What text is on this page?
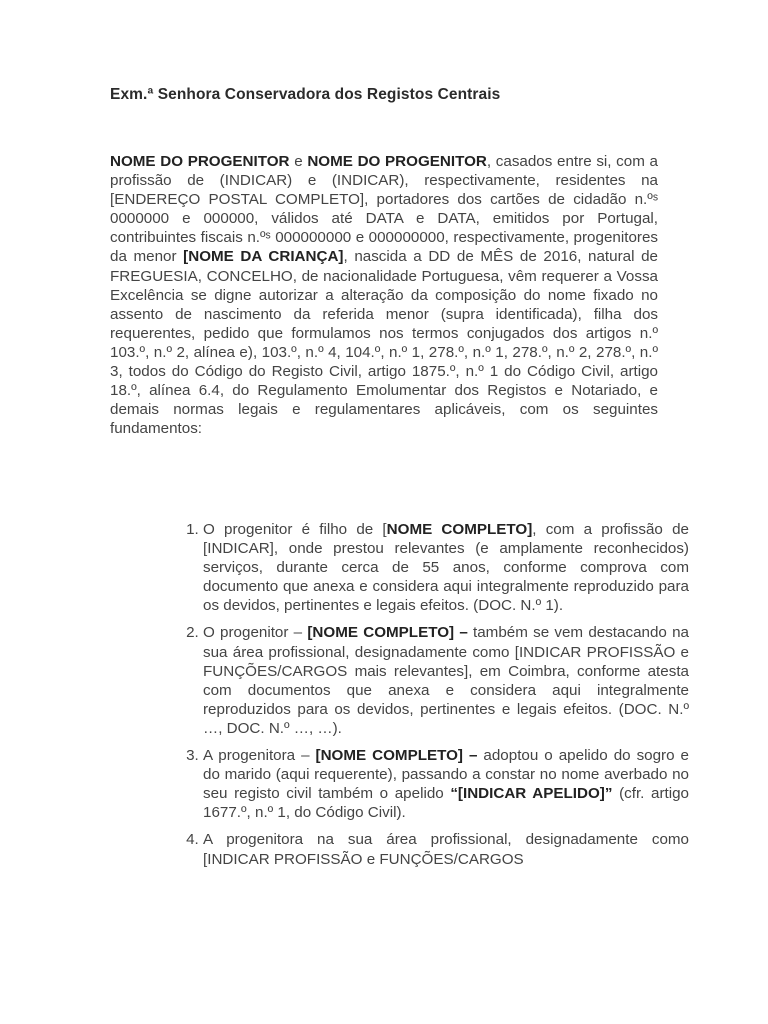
Exm.ª Senhora Conservadora dos Registos Centrais

NOME DO PROGENITOR e NOME DO PROGENITOR, casados entre si, com a profissão de (INDICAR) e (INDICAR), respectivamente, residentes na [ENDEREÇO POSTAL COMPLETO], portadores dos cartões de cidadão n.ºˢ 0000000 e 000000, válidos até DATA e DATA, emitidos por Portugal, contribuintes fiscais n.ºˢ 000000000 e 000000000, respectivamente, progenitores da menor [NOME DA CRIANÇA], nascida a DD de MÊS de 2016, natural de FREGUESIA, CONCELHO, de nacionalidade Portuguesa, vêm requerer a Vossa Excelência se digne autorizar a alteração da composição do nome fixado no assento de nascimento da referida menor (supra identificada), filha dos requerentes, pedido que formulamos nos termos conjugados dos artigos n.º 103.º, n.º 2, alínea e), 103.º, n.º 4, 104.º, n.º 1, 278.º, n.º 1, 278.º, n.º 2, 278.º, n.º 3, todos do Código do Registo Civil, artigo 1875.º, n.º 1 do Código Civil, artigo 18.º, alínea 6.4, do Regulamento Emolumentar dos Registos e Notariado, e demais normas legais e regulamentares aplicáveis, com os seguintes fundamentos:

1. O progenitor é filho de [NOME COMPLETO], com a profissão de [INDICAR], onde prestou relevantes (e amplamente reconhecidos) serviços, durante cerca de 55 anos, conforme comprova com documento que anexa e considera aqui integralmente reproduzido para os devidos, pertinentes e legais efeitos. (DOC. N.º 1).
2. O progenitor – [NOME COMPLETO] – também se vem destacando na sua área profissional, designadamente como [INDICAR PROFISSÃO e FUNÇÕES/CARGOS mais relevantes], em Coimbra, conforme atesta com documentos que anexa e considera aqui integralmente reproduzidos para os devidos, pertinentes e legais efeitos. (DOC. N.º …, DOC. N.º …, …).
3. A progenitora – [NOME COMPLETO] – adoptou o apelido do sogro e do marido (aqui requerente), passando a constar no nome averbado no seu registo civil também o apelido “[INDICAR APELIDO]” (cfr. artigo 1677.º, n.º 1, do Código Civil).
4. A progenitora na sua área profissional, designadamente como [INDICAR PROFISSÃO e FUNÇÕES/CARGOS
